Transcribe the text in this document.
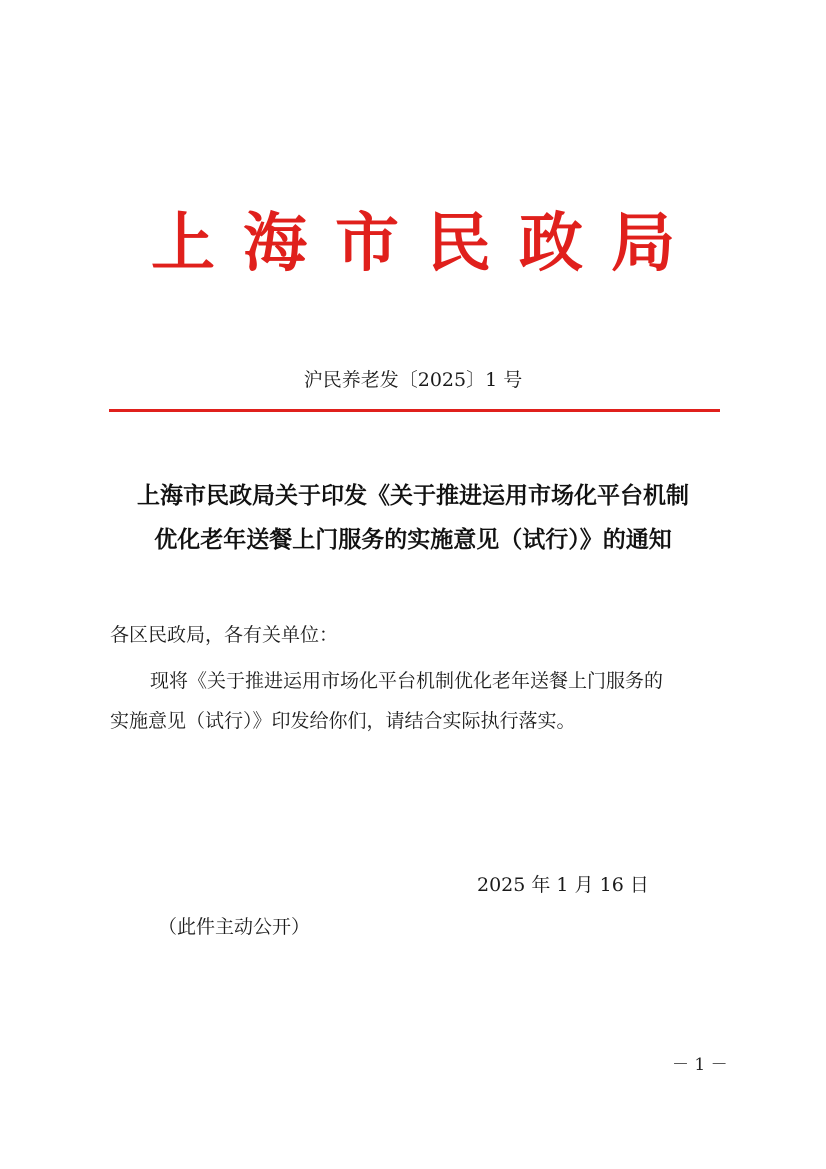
上海市民政局
沪民养老发〔2025〕1 号
上海市民政局关于印发《关于推进运用市场化平台机制
优化老年送餐上门服务的实施意见（试行）》的通知
各区民政局，各有关单位：
现将《关于推进运用市场化平台机制优化老年送餐上门服务的
实施意见（试行）》印发给你们，请结合实际执行落实。
2025 年 1 月 16 日
（此件主动公开）
－ 1 －
